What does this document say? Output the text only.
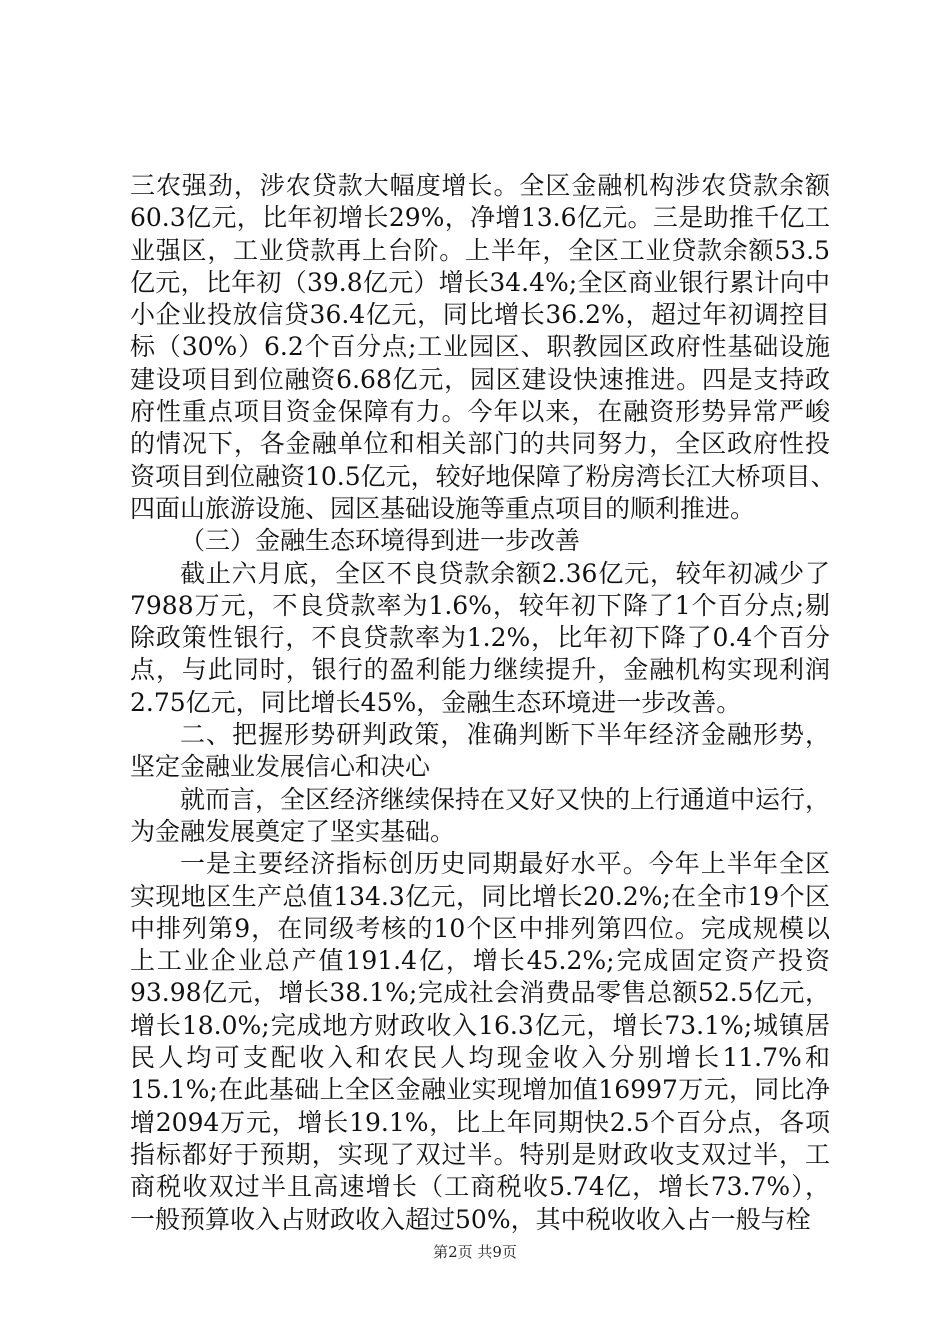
三农强劲，涉农贷款大幅度增长。全区金融机构涉农贷款余额
60.3亿元，比年初增长29%，净增13.6亿元。三是助推千亿工
业强区，工业贷款再上台阶。上半年，全区工业贷款余额53.5
亿元，比年初（39.8亿元）增长34.4%;全区商业银行累计向中
小企业投放信贷36.4亿元，同比增长36.2%，超过年初调控目
标（30%）6.2个百分点;工业园区、职教园区政府性基础设施
建设项目到位融资6.68亿元，园区建设快速推进。四是支持政
府性重点项目资金保障有力。今年以来，在融资形势异常严峻
的情况下，各金融单位和相关部门的共同努力，全区政府性投
资项目到位融资10.5亿元，较好地保障了粉房湾长江大桥项目、
四面山旅游设施、园区基础设施等重点项目的顺利推进。
（三）金融生态环境得到进一步改善
截止六月底，全区不良贷款余额2.36亿元，较年初减少了
7988万元，不良贷款率为1.6%，较年初下降了1个百分点;剔
除政策性银行，不良贷款率为1.2%，比年初下降了0.4个百分
点，与此同时，银行的盈利能力继续提升，金融机构实现利润
2.75亿元，同比增长45%，金融生态环境进一步改善。
二、把握形势研判政策，准确判断下半年经济金融形势，
坚定金融业发展信心和决心
就而言，全区经济继续保持在又好又快的上行通道中运行，
为金融发展奠定了坚实基础。
一是主要经济指标创历史同期最好水平。今年上半年全区
实现地区生产总值134.3亿元，同比增长20.2%;在全市19个区
中排列第9，在同级考核的10个区中排列第四位。完成规模以
上工业企业总产值191.4亿，增长45.2%;完成固定资产投资
93.98亿元，增长38.1%;完成社会消费品零售总额52.5亿元，
增长18.0%;完成地方财政收入16.3亿元，增长73.1%;城镇居
民人均可支配收入和农民人均现金收入分别增长11.7%和
15.1%;在此基础上全区金融业实现增加值16997万元，同比净
增2094万元，增长19.1%，比上年同期快2.5个百分点，各项
指标都好于预期，实现了双过半。特别是财政收支双过半，工
商税收双过半且高速增长（工商税收5.74亿，增长73.7%），
一般预算收入占财政收入超过50%，其中税收收入占一般与栓
第2页 共9页
